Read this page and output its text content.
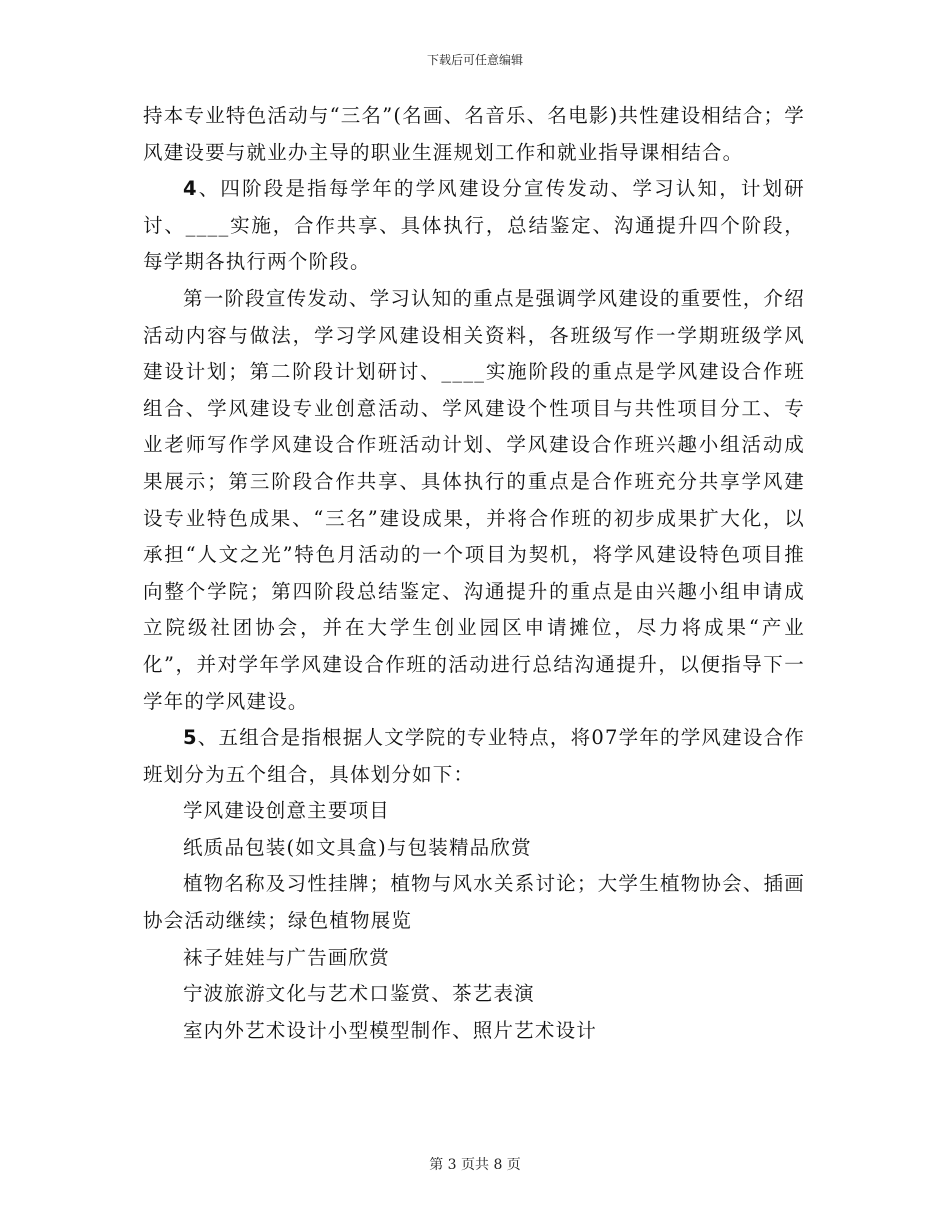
下载后可任意编辑

持本专业特色活动与“三名”(名画、名音乐、名电影)共性建设相结合；学风建设要与就业办主导的职业生涯规划工作和就业指导课相结合。

4、四阶段是指每学年的学风建设分宣传发动、学习认知，计划研讨、____实施，合作共享、具体执行，总结鉴定、沟通提升四个阶段，每学期各执行两个阶段。

第一阶段宣传发动、学习认知的重点是强调学风建设的重要性，介绍活动内容与做法，学习学风建设相关资料，各班级写作一学期班级学风建设计划；第二阶段计划研讨、____实施阶段的重点是学风建设合作班组合、学风建设专业创意活动、学风建设个性项目与共性项目分工、专业老师写作学风建设合作班活动计划、学风建设合作班兴趣小组活动成果展示；第三阶段合作共享、具体执行的重点是合作班充分共享学风建设专业特色成果、“三名”建设成果，并将合作班的初步成果扩大化，以承担“人文之光”特色月活动的一个项目为契机，将学风建设特色项目推向整个学院；第四阶段总结鉴定、沟通提升的重点是由兴趣小组申请成立院级社团协会，并在大学生创业园区申请摊位，尽力将成果“产业化”，并对学年学风建设合作班的活动进行总结沟通提升，以便指导下一学年的学风建设。

5、五组合是指根据人文学院的专业特点，将07学年的学风建设合作班划分为五个组合，具体划分如下：

学风建设创意主要项目

纸质品包装(如文具盒)与包装精品欣赏

植物名称及习性挂牌；植物与风水关系讨论；大学生植物协会、插画协会活动继续；绿色植物展览

袜子娃娃与广告画欣赏

宁波旅游文化与艺术口鉴赏、茶艺表演

室内外艺术设计小型模型制作、照片艺术设计

第 3 页共 8 页
